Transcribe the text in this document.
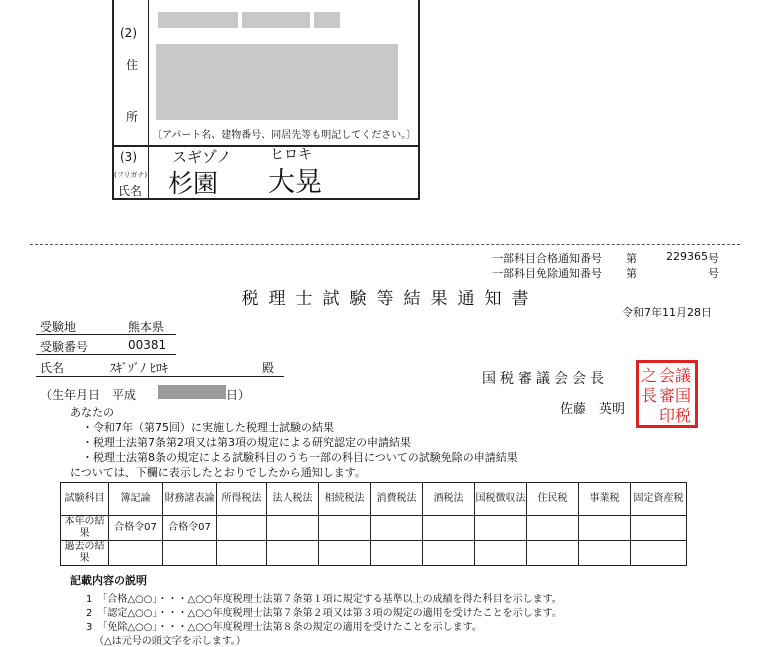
(2)
住
所
〔アパート名、建物番号、同居先等も明記してください。〕
(3)
(フリガナ)
氏名
スギゾノ	ヒロキ
杉園 大晃
一部科目合格通知番号 第	229365 号
一部科目免除通知番号 第	号
税理士試験等結果通知書
令和7年11月28日
受験地	熊本県
受験番号	00381
氏名	ｽｷﾞｿﾞﾉ ﾋﾛｷ	殿
（生年月日　平成	日）
国税審議会会長
佐藤　英明
議
国
会
税
之
審
長
印
あなたの
・令和7年（第75回）に実施した税理士試験の結果
・税理士法第7条第2項又は第3項の規定による研究認定の申請結果
・税理士法第8条の規定による試験科目のうち一部の科目についての試験免除の申請結果
については、下欄に表示したとおりでしたから通知します。
試験科目	簿記論	財務諸表論	所得税法	法人税法	相続税法	消費税法	酒税法	国税徴収法	住民税	事業税	固定資産税
本年の結果	合格令07	合格令07									
過去の結果											
記載内容の説明
1　「合格△○○」・・・△○○年度税理士法第７条第１項に規定する基準以上の成績を得た科目を示します。
2　「認定△○○」・・・△○○年度税理士法第７条第２項又は第３項の規定の適用を受けたことを示します。
3　「免除△○○」・・・△○○年度税理士法第８条の規定の適用を受けたことを示します。
（△は元号の頭文字を示します。）
